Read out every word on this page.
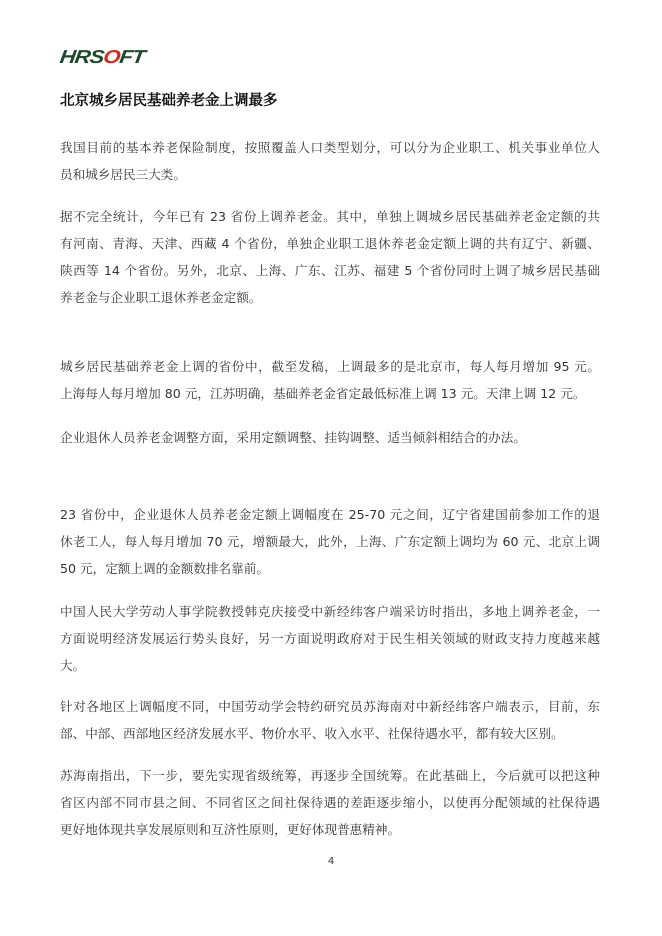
HRSOFT
北京城乡居民基础养老金上调最多
我国目前的基本养老保险制度，按照覆盖人口类型划分，可以分为企业职工、机关事业单位人
员和城乡居民三大类。
据不完全统计，今年已有 23 省份上调养老金。其中，单独上调城乡居民基础养老金定额的共
有河南、青海、天津、西藏 4 个省份，单独企业职工退休养老金定额上调的共有辽宁、新疆、
陕西等 14 个省份。另外，北京、上海、广东、江苏、福建 5 个省份同时上调了城乡居民基础
养老金与企业职工退休养老金定额。
城乡居民基础养老金上调的省份中，截至发稿，上调最多的是北京市，每人每月增加 95 元。
上海每人每月增加 80 元，江苏明确，基础养老金省定最低标准上调 13 元。天津上调 12 元。
企业退休人员养老金调整方面，采用定额调整、挂钩调整、适当倾斜相结合的办法。
23 省份中，企业退休人员养老金定额上调幅度在 25-70 元之间，辽宁省建国前参加工作的退
休老工人，每人每月增加 70 元，增额最大，此外，上海、广东定额上调均为 60 元、北京上调
50 元，定额上调的金额数排名靠前。
中国人民大学劳动人事学院教授韩克庆接受中新经纬客户端采访时指出，多地上调养老金，一
方面说明经济发展运行势头良好，另一方面说明政府对于民生相关领域的财政支持力度越来越
大。
针对各地区上调幅度不同，中国劳动学会特约研究员苏海南对中新经纬客户端表示，目前，东
部、中部、西部地区经济发展水平、物价水平、收入水平、社保待遇水平，都有较大区别。
苏海南指出，下一步，要先实现省级统筹，再逐步全国统筹。在此基础上，今后就可以把这种
省区内部不同市县之间、不同省区之间社保待遇的差距逐步缩小，以使再分配领域的社保待遇
更好地体现共享发展原则和互济性原则，更好体现普惠精神。
4
